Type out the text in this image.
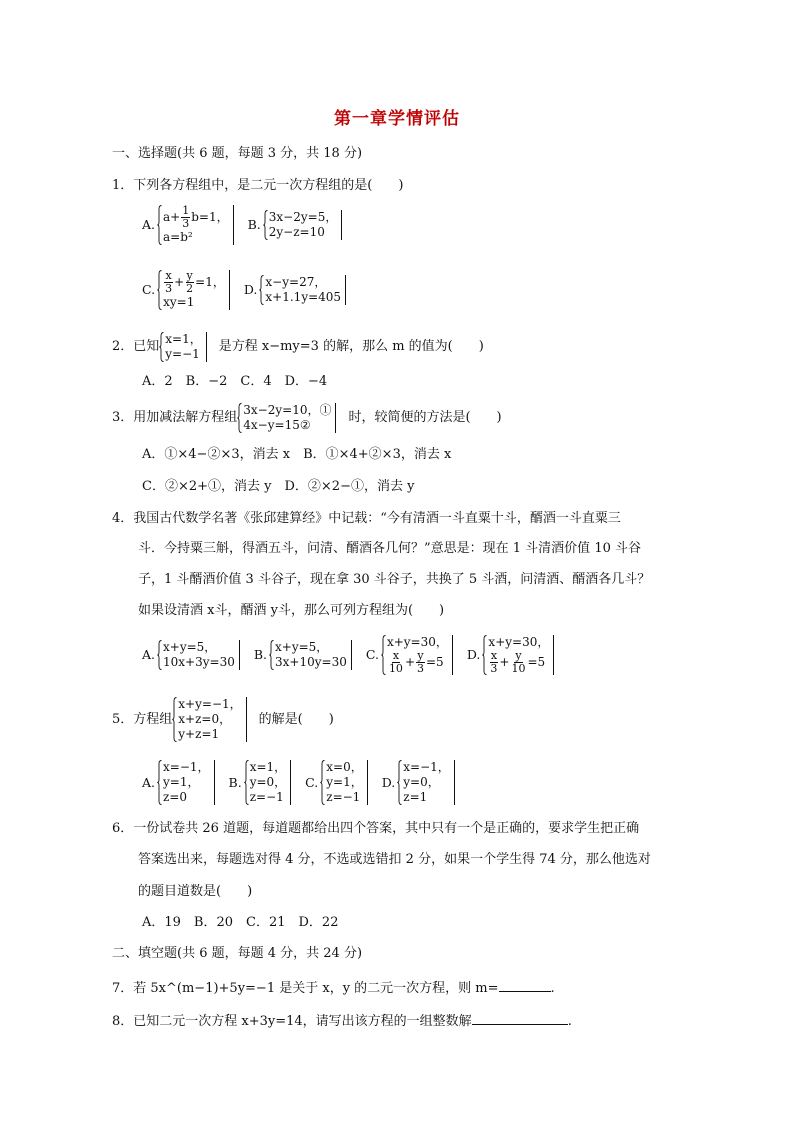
第一章学情评估
一、选择题(共 6 题，每题 3 分，共 18 分)
1．下列各方程组中，是二元一次方程组的是(　　)
A. $a+ \frac{1}{3} b=1$，
a=b²

B. 3x−2y=5，
2y−z=10
C. $\frac{x}{3} + \frac{y}{2} =1$，
xy=1

D. x−y=27，
x+1.1y=405
2．已知 x=1，
y=−1 是方程 x−my=3 的解，那么 m 的值为(　　)
A．2　B．−2　C．4　D．−4
3．用加减法解方程组 3x−2y=10，①
4x−y=15②	时，较简便的方法是(　　)
A．①×4−②×3，消去 x　B．①×4+②×3，消去 x
C．②×2+①，消去 y　D．②×2−①，消去 y
4．我国古代数学名著《张邱建算经》中记载：“今有清酒一斗直粟十斗，醑酒一斗直粟三
斗．今持粟三斛，得酒五斗，问清、醑酒各几何？”意思是：现在 1 斗清酒价值 10 斗谷
子，1 斗醑酒价值 3 斗谷子，现在拿 30 斗谷子，共换了 5 斗酒，问清酒、醑酒各几斗？
如果设清酒 x斗，醑酒 y斗，那么可列方程组为(　　)
A. x+y=5，
10x+3y=30
B. x+y=5，
3x+10y=30
C.
x+y=30，
$\frac{x}{10} + \frac{y}{3} =5$
	D.
x+y=30，
$\frac{x}{3} + \frac{y}{10} =5$
5．方程组
x+y=−1，
x+z=0，
y+z=1
的解是(　　)
A.
x=−1，
y=1，
z=0

B.
x=1，
y=0，
z=−1

C.
x=0，
y=1，
z=−1

D.
x=−1，
y=0，
z=1
6．一份试卷共 26 道题，每道题都给出四个答案，其中只有一个是正确的，要求学生把正确
答案选出来，每题选对得 4 分，不选或选错扣 2 分，如果一个学生得 74 分，那么他选对
的题目道数是(　　)
A．19　B．20　C．21　D．22
二、填空题(共 6 题，每题 4 分，共 24 分)
7．若 5x^(m−1)+5y=−1 是关于 x，y 的二元一次方程，则 m=	.
8．已知二元一次方程 x+3y=14，请写出该方程的一组整数解	.
